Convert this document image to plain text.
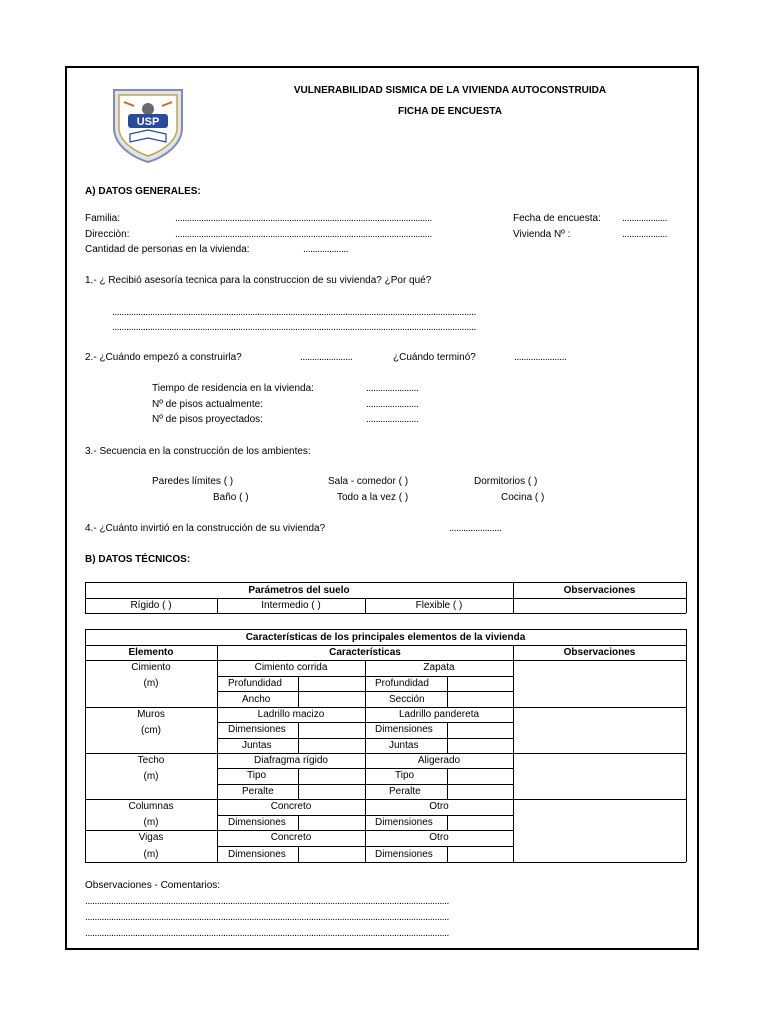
USP
VULNERABILIDAD SISMICA DE LA VIVIENDA AUTOCONSTRUIDA
FICHA DE ENCUESTA
A) DATOS GENERALES:
Familia:	............................................................................................................	Fecha de encuesta: ...................
Direcciòn:	............................................................................................................	Vivienda Nº :	...................
Cantidad de personas en la vivienda:	...................
1.- ¿ Recibió asesoría tecnica para la construccion de su vivienda? ¿Por qué?
.........................................................................................................................................................
.........................................................................................................................................................
2.- ¿Cuándo empezó a construirla?	......................	¿Cuándo terminó?	......................
Tiempo de residencia en la vivienda:	......................
Nº de pisos actualmente:	......................
Nº de pisos proyectados:	......................
3.- Secuencia en la construcción de los ambientes:
Paredes límites ( )	Sala - comedor ( )	Dormitorios ( )
Baño ( )	Todo a la vez ( )	Cocina ( )
4.- ¿Cuánto invirtió en la construcción de su vivienda?	......................
B) DATOS TÉCNICOS:
Parámetros del suelo	Observaciones
Rígido ( )	Intermedio ( )	Flexible ( )
Características de los principales elementos de la vivienda
Elemento	Características	Observaciones
Cimiento
(m)
Cimiento corrida	Zapata
Profundidad	Profundidad
Ancho	Sección
Muros
(cm)
Ladrillo macizo	Ladrillo pandereta
Dimensiones	Dimensiones
Juntas	Juntas
Techo
(m)
Diafragma rígido	Aligerado
Tipo	Tipo
Peralte	Peralte
Columnas
(m)
Concreto	Otro
Dimensiones	Dimensiones
Vigas
(m)
Concreto	Otro
Dimensiones	Dimensiones
Observaciones - Comentarios:
.........................................................................................................................................................
.........................................................................................................................................................
.........................................................................................................................................................
